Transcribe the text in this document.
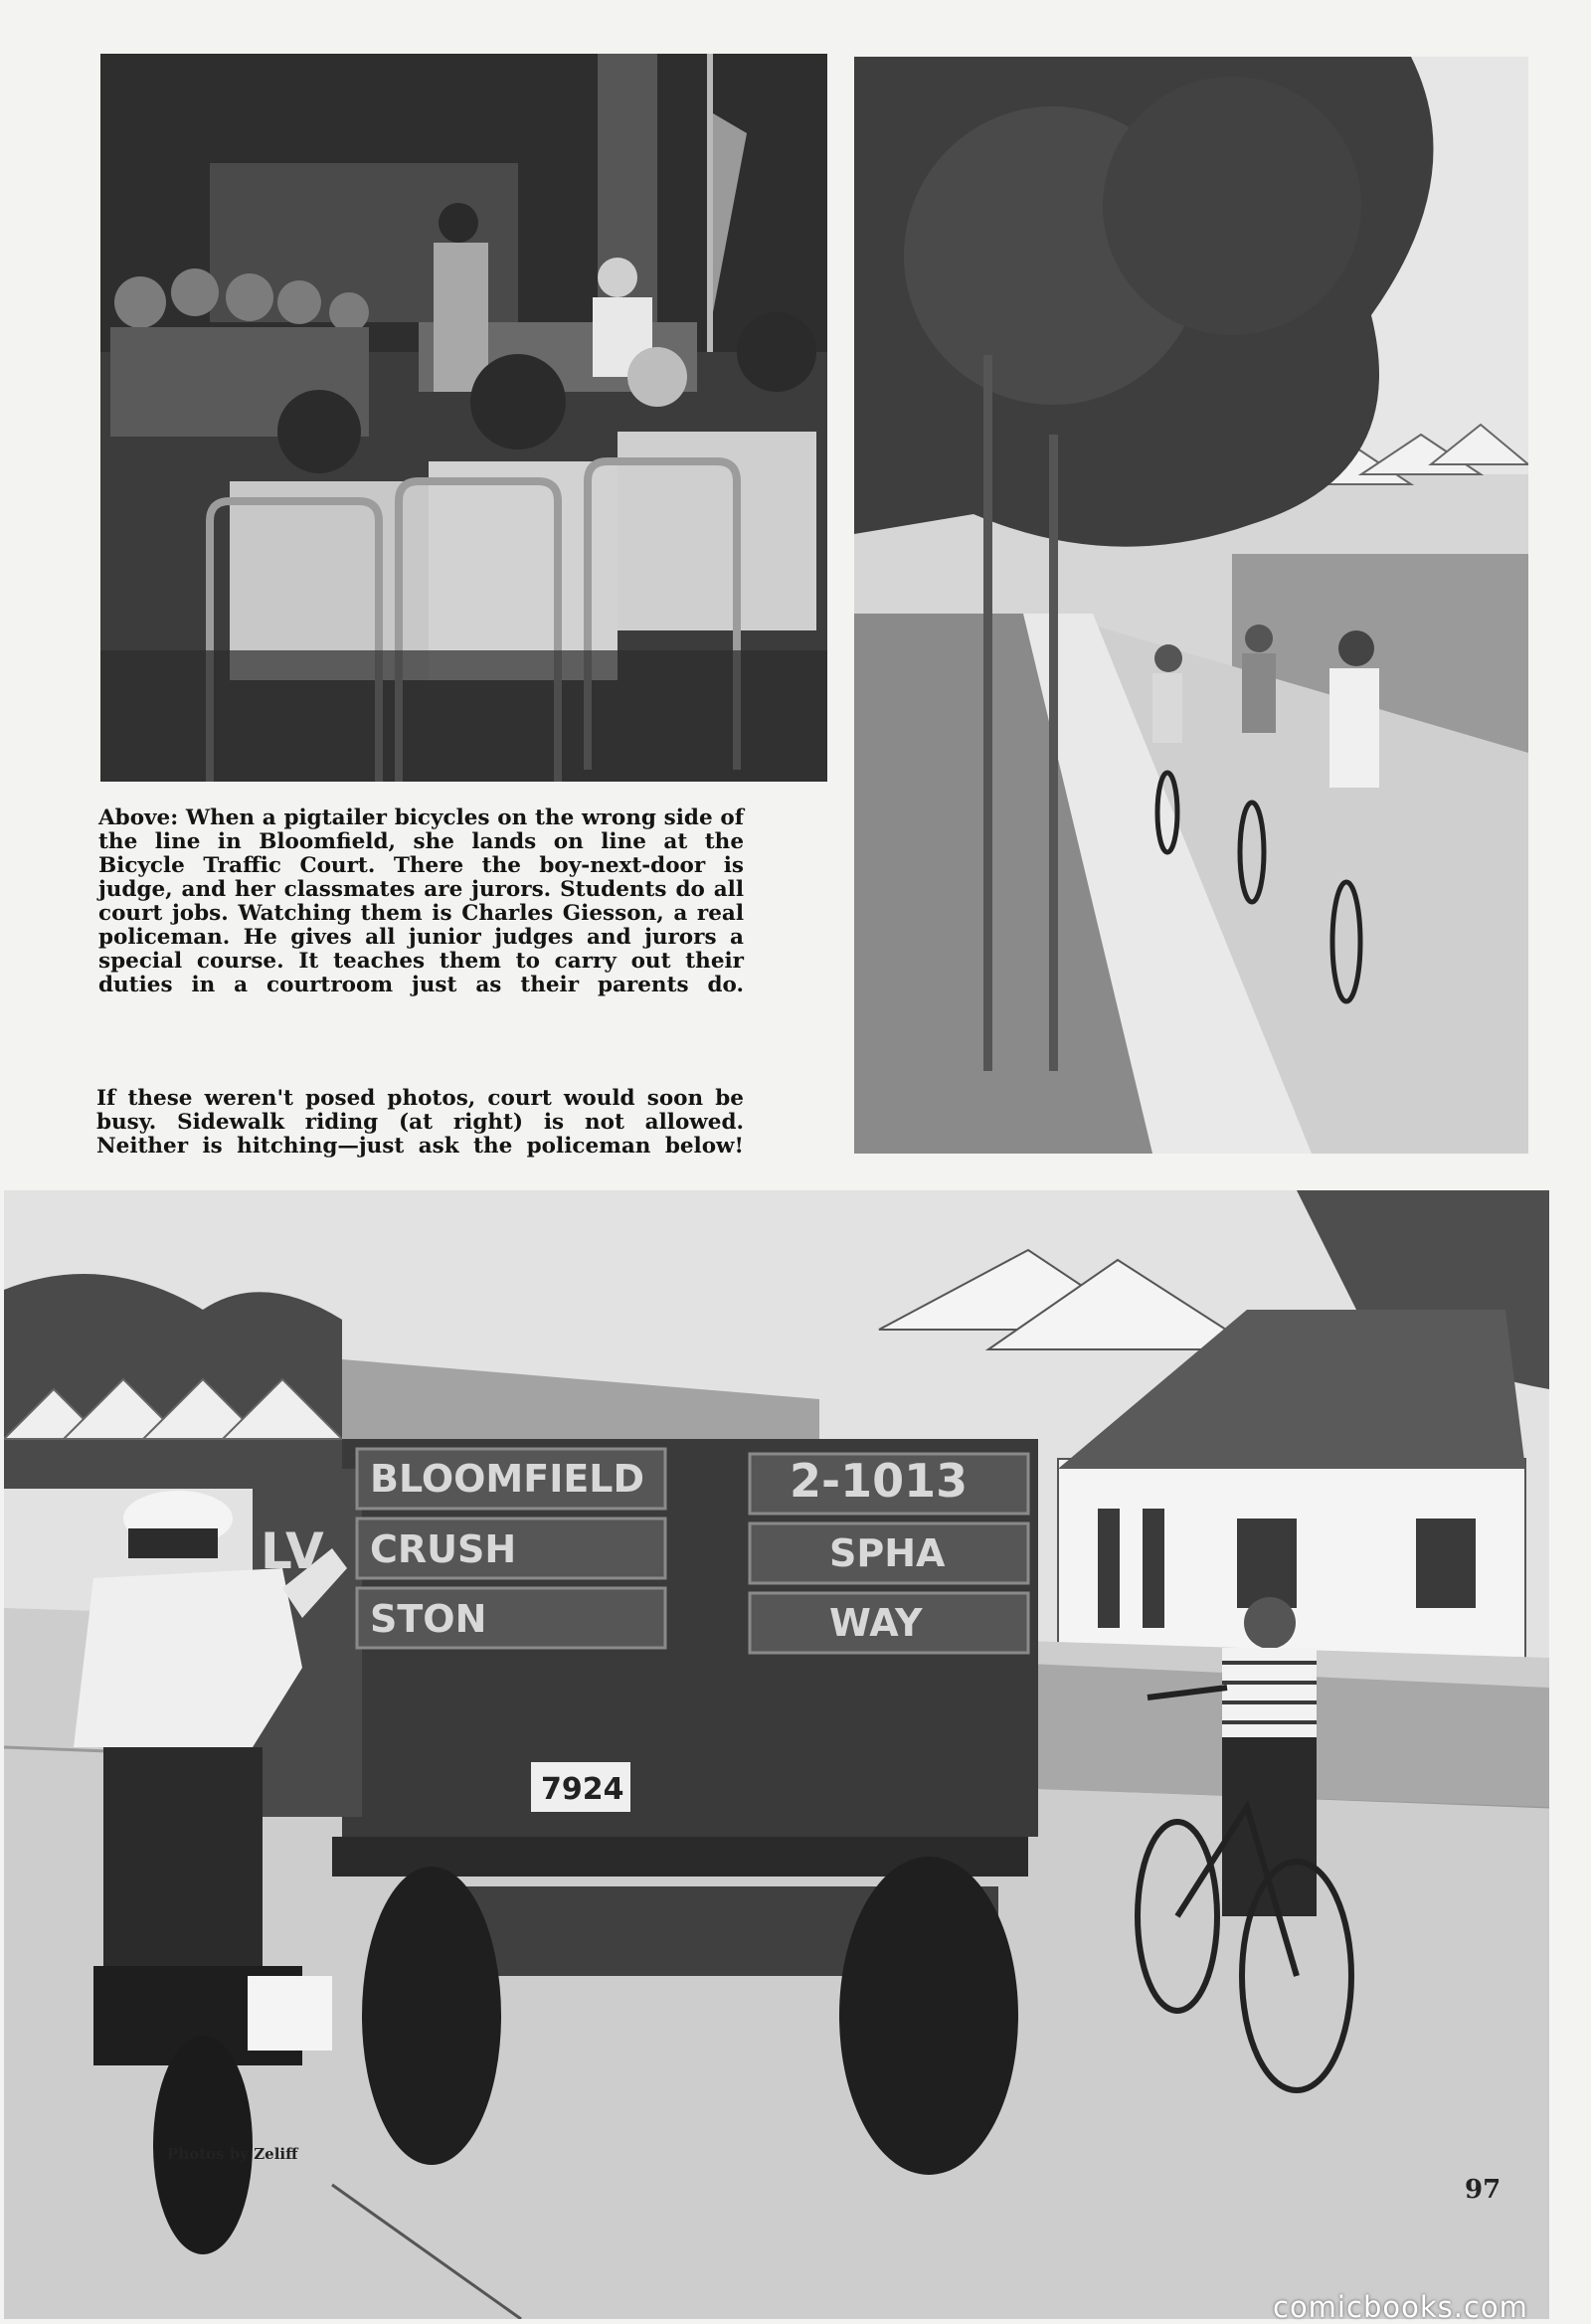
Above: When a pigtailer bicycles on the wrong side of the line in Bloomfield, she lands on line at the Bicycle Traffic Court. There the boy-next-door is judge, and her classmates are jurors. Students do all court jobs. Watching them is Charles Giesson, a real policeman. He gives all junior judges and jurors a special course. It teaches them to carry out their duties in a courtroom just as their parents do.
If these weren't posed photos, court would soon be busy. Sidewalk riding (at right) is not allowed. Neither is hitching—just ask the policeman below!
BLOOMFIELD
CRUSH
STON
2-1013
SPHA
WAY
LV
7924
Photos by Zeliff
97
comicbooks.com
